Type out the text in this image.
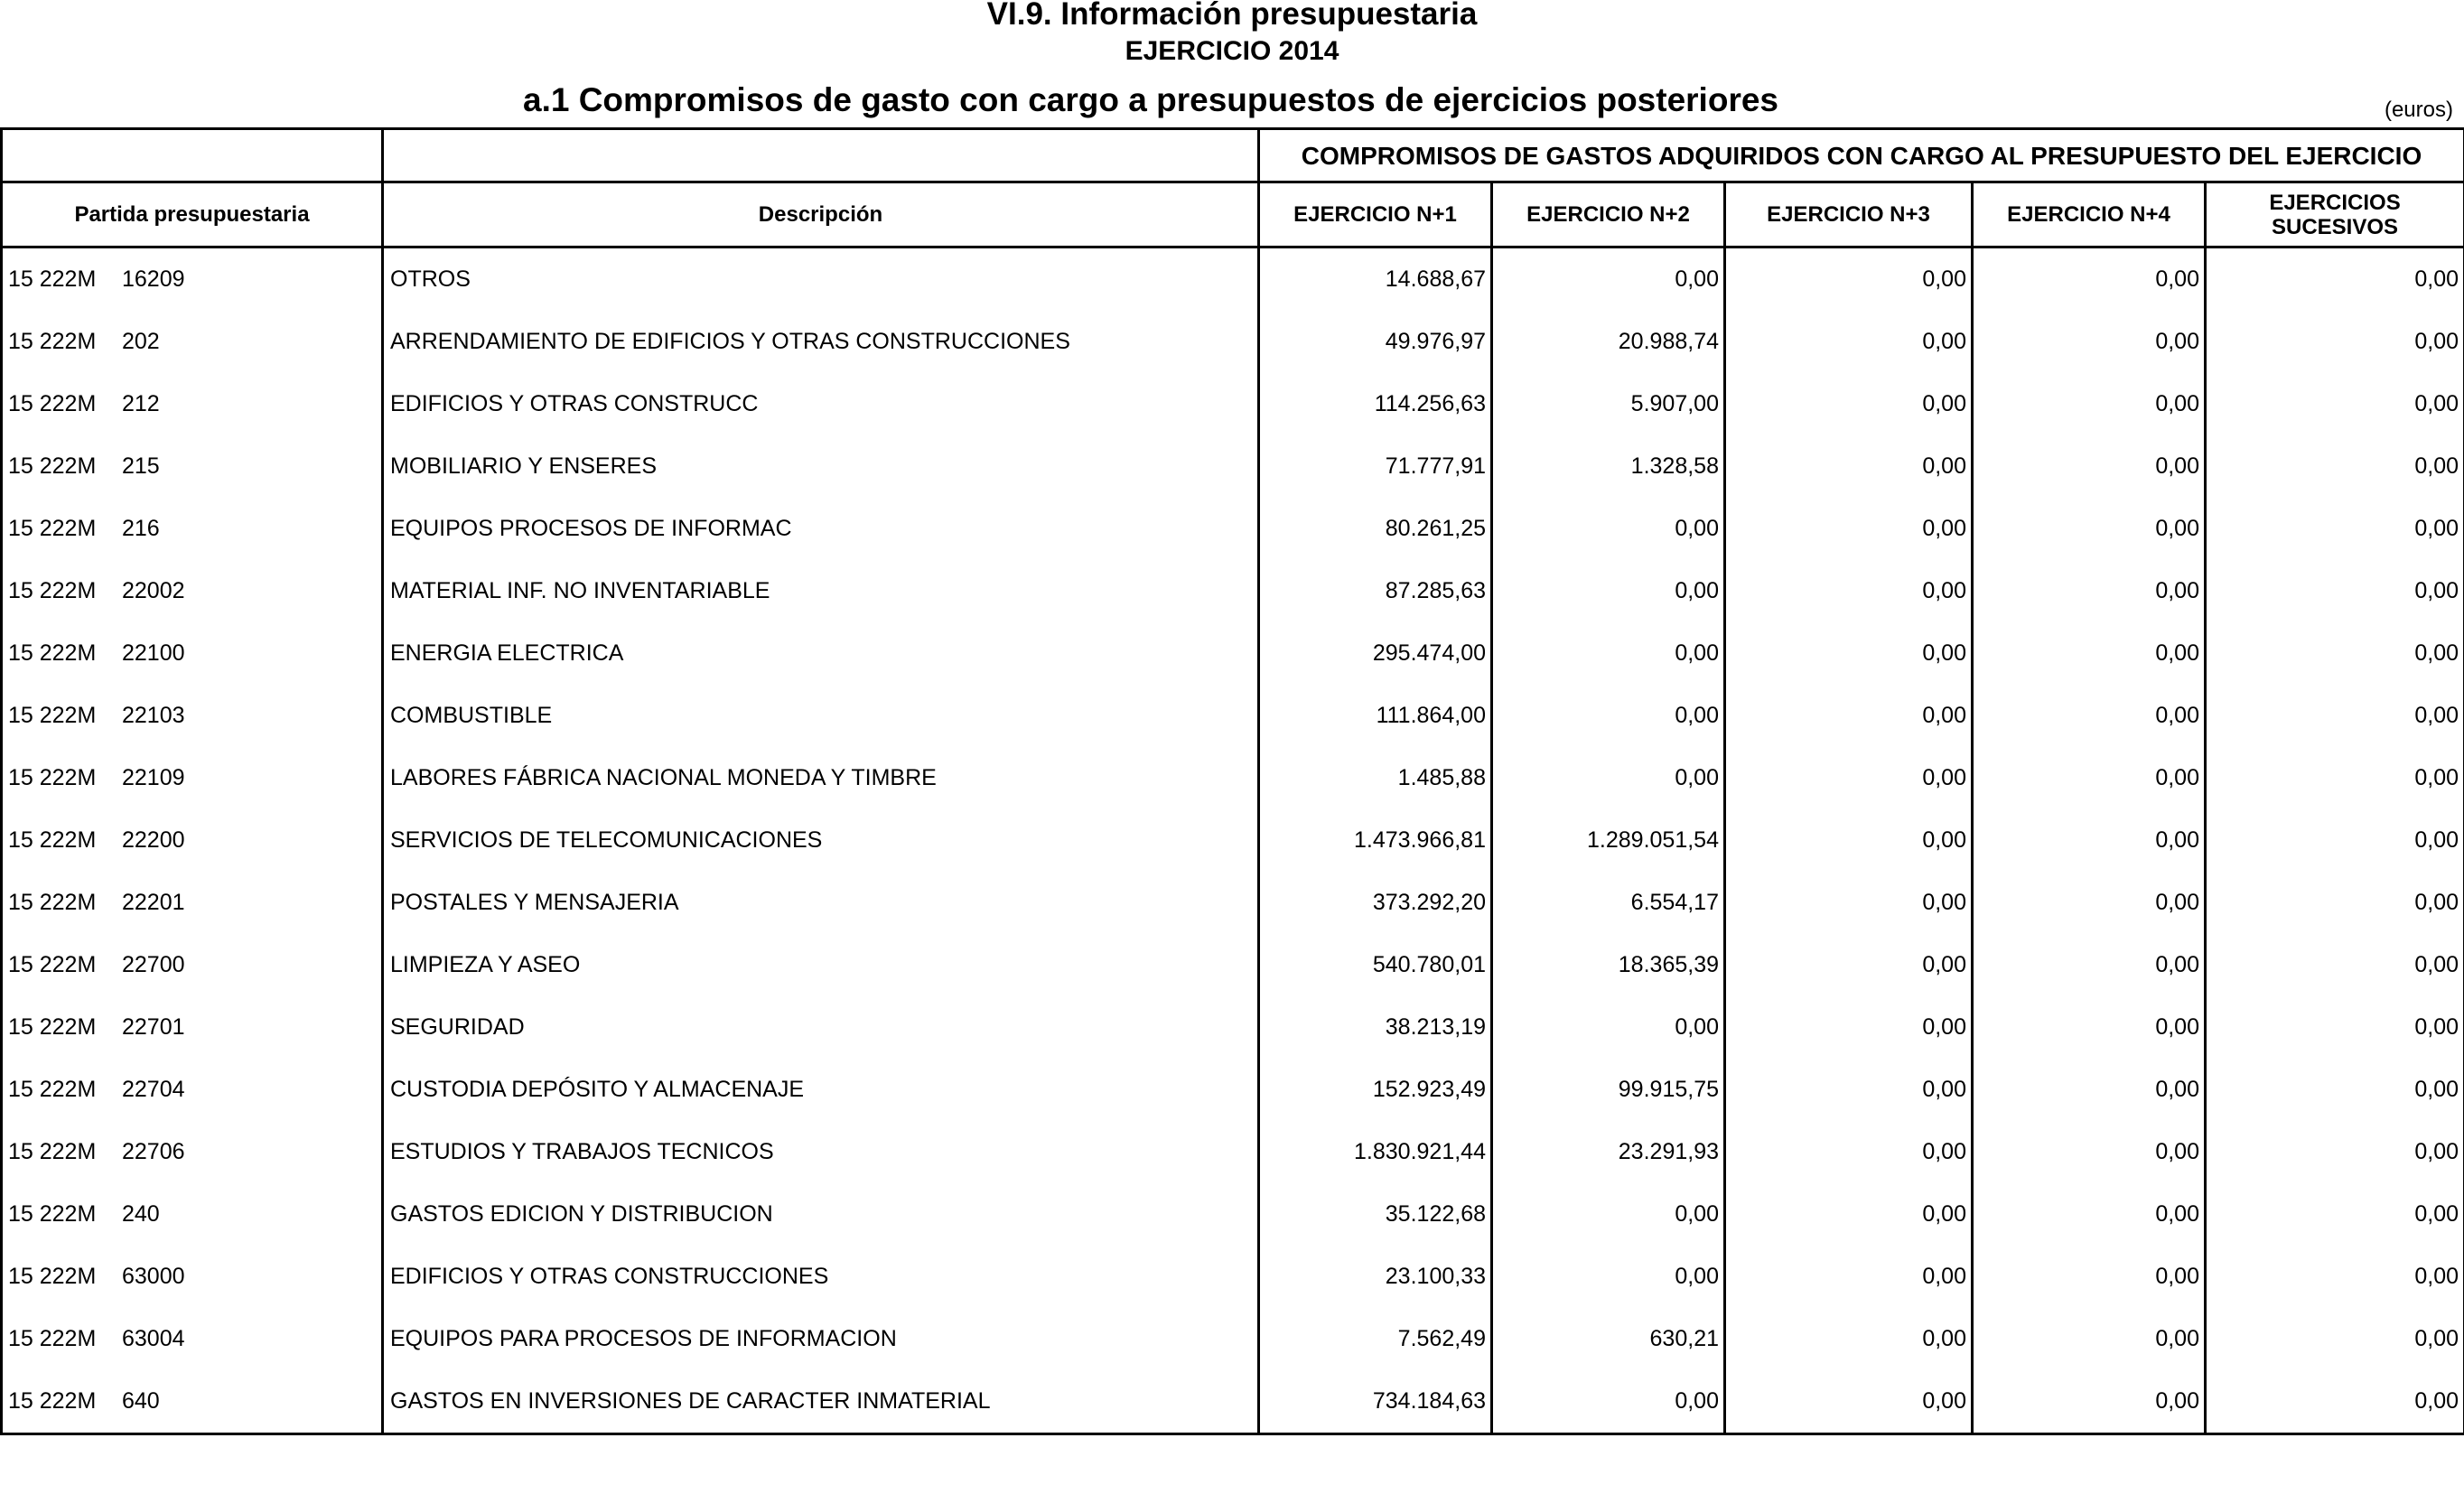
VI.9. Información presupuestaria
EJERCICIO 2014
a.1 Compromisos de gasto con cargo a presupuestos de ejercicios posteriores	(euros)
		COMPROMISOS DE GASTOS ADQUIRIDOS CON CARGO AL PRESUPUESTO DEL EJERCICIO				
Partida presupuestaria	Descripción	EJERCICIO N+1	EJERCICIO N+2	EJERCICIO N+3	EJERCICIO N+4	EJERCICIOS
SUCESIVOS
15 222M 16209	OTROS	14.688,67	0,00	0,00	0,00	0,00
15 222M 202	ARRENDAMIENTO DE EDIFICIOS Y OTRAS CONSTRUCCIONES	49.976,97	20.988,74	0,00	0,00	0,00
15 222M 212	EDIFICIOS Y OTRAS CONSTRUCC	114.256,63	5.907,00	0,00	0,00	0,00
15 222M 215	MOBILIARIO Y ENSERES	71.777,91	1.328,58	0,00	0,00	0,00
15 222M 216	EQUIPOS PROCESOS DE INFORMAC	80.261,25	0,00	0,00	0,00	0,00
15 222M 22002	MATERIAL INF. NO INVENTARIABLE	87.285,63	0,00	0,00	0,00	0,00
15 222M 22100	ENERGIA ELECTRICA	295.474,00	0,00	0,00	0,00	0,00
15 222M 22103	COMBUSTIBLE	111.864,00	0,00	0,00	0,00	0,00
15 222M 22109	LABORES FÁBRICA NACIONAL MONEDA Y TIMBRE	1.485,88	0,00	0,00	0,00	0,00
15 222M 22200	SERVICIOS DE TELECOMUNICACIONES	1.473.966,81	1.289.051,54	0,00	0,00	0,00
15 222M 22201	POSTALES Y MENSAJERIA	373.292,20	6.554,17	0,00	0,00	0,00
15 222M 22700	LIMPIEZA Y ASEO	540.780,01	18.365,39	0,00	0,00	0,00
15 222M 22701	SEGURIDAD	38.213,19	0,00	0,00	0,00	0,00
15 222M 22704	CUSTODIA DEPÓSITO Y ALMACENAJE	152.923,49	99.915,75	0,00	0,00	0,00
15 222M 22706	ESTUDIOS Y TRABAJOS TECNICOS	1.830.921,44	23.291,93	0,00	0,00	0,00
15 222M 240	GASTOS EDICION Y DISTRIBUCION	35.122,68	0,00	0,00	0,00	0,00
15 222M 63000	EDIFICIOS Y OTRAS CONSTRUCCIONES	23.100,33	0,00	0,00	0,00	0,00
15 222M 63004	EQUIPOS PARA PROCESOS DE INFORMACION	7.562,49	630,21	0,00	0,00	0,00
15 222M 640	GASTOS EN INVERSIONES DE CARACTER INMATERIAL	734.184,63	0,00	0,00	0,00	0,00
